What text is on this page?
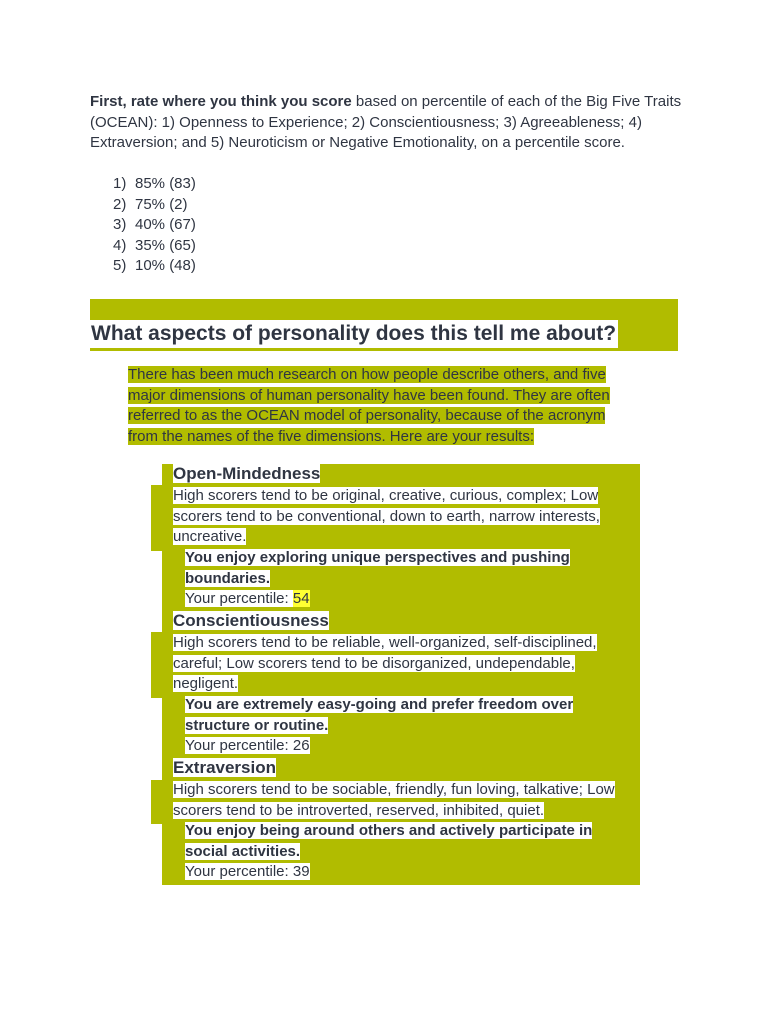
First, rate where you think you score based on percentile of each of the Big Five Traits (OCEAN): 1) Openness to Experience; 2) Conscientiousness; 3) Agreeableness; 4) Extraversion; and 5) Neuroticism or Negative Emotionality, on a percentile score.

1) 85% (83)
2) 75% (2)
3) 40% (67)
4) 35% (65)
5) 10% (48)
What aspects of personality does this tell me about?

There has been much research on how people describe others, and five major dimensions of human personality have been found. They are often referred to as the OCEAN model of personality, because of the acronym from the names of the five dimensions. Here are your results:

Open-Mindedness
High scorers tend to be original, creative, curious, complex; Low scorers tend to be conventional, down to earth, narrow interests, uncreative.
You enjoy exploring unique perspectives and pushing boundaries.
Your percentile: 54
Conscientiousness
High scorers tend to be reliable, well-organized, self-disciplined, careful; Low scorers tend to be disorganized, undependable, negligent.
You are extremely easy-going and prefer freedom over structure or routine.
Your percentile: 26
Extraversion
High scorers tend to be sociable, friendly, fun loving, talkative; Low scorers tend to be introverted, reserved, inhibited, quiet.
You enjoy being around others and actively participate in social activities.
Your percentile: 39
